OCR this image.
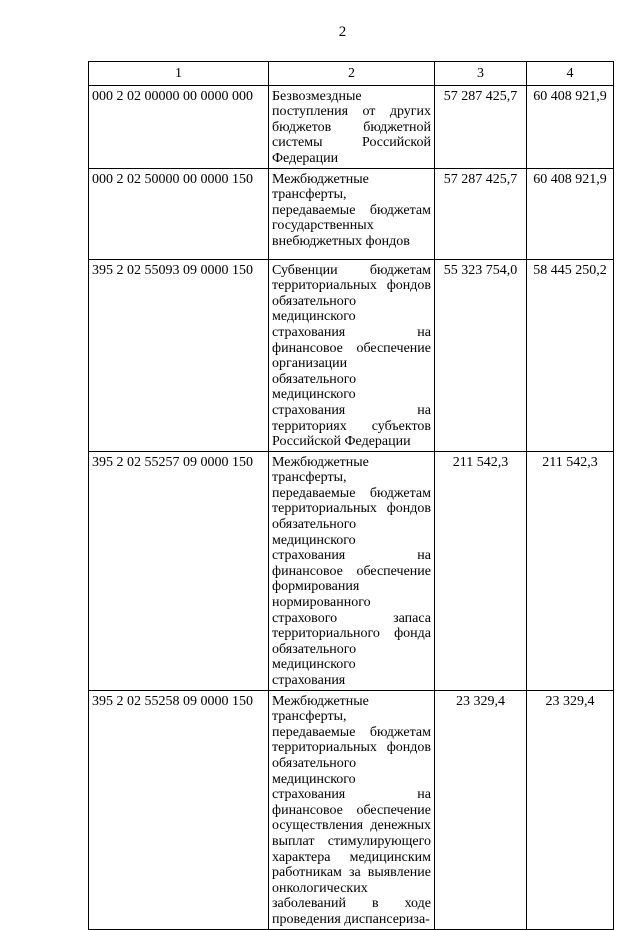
2
1	2	3	4
000 2 02 00000 00 0000 000	Безвозмездные поступления от других бюджетов бюджетной системы Российской Федерации	57 287 425,7	60 408 921,9
000 2 02 50000 00 0000 150	Межбюджетные трансферты, передаваемые бюджетам государственных внебюджетных фондов	57 287 425,7	60 408 921,9
395 2 02 55093 09 0000 150	Субвенции бюджетам территориальных фондов обязательного медицинского страхования на финансовое обеспечение организации обязательного медицинского страхования на территориях субъектов Российской Федерации	55 323 754,0	58 445 250,2
395 2 02 55257 09 0000 150	Межбюджетные трансферты, передаваемые бюджетам территориальных фондов обязательного медицинского страхования на финансовое обеспечение формирования нормированного страхового запаса территориального фонда обязательного медицинского страхования	211 542,3	211 542,3
395 2 02 55258 09 0000 150	Межбюджетные трансферты, передаваемые бюджетам территориальных фондов обязательного медицинского страхования на финансовое обеспечение осуществления денежных выплат стимулирующего характера медицинским работникам за выявление онкологических заболеваний в ходе проведения диспансериза-	23 329,4	23 329,4
